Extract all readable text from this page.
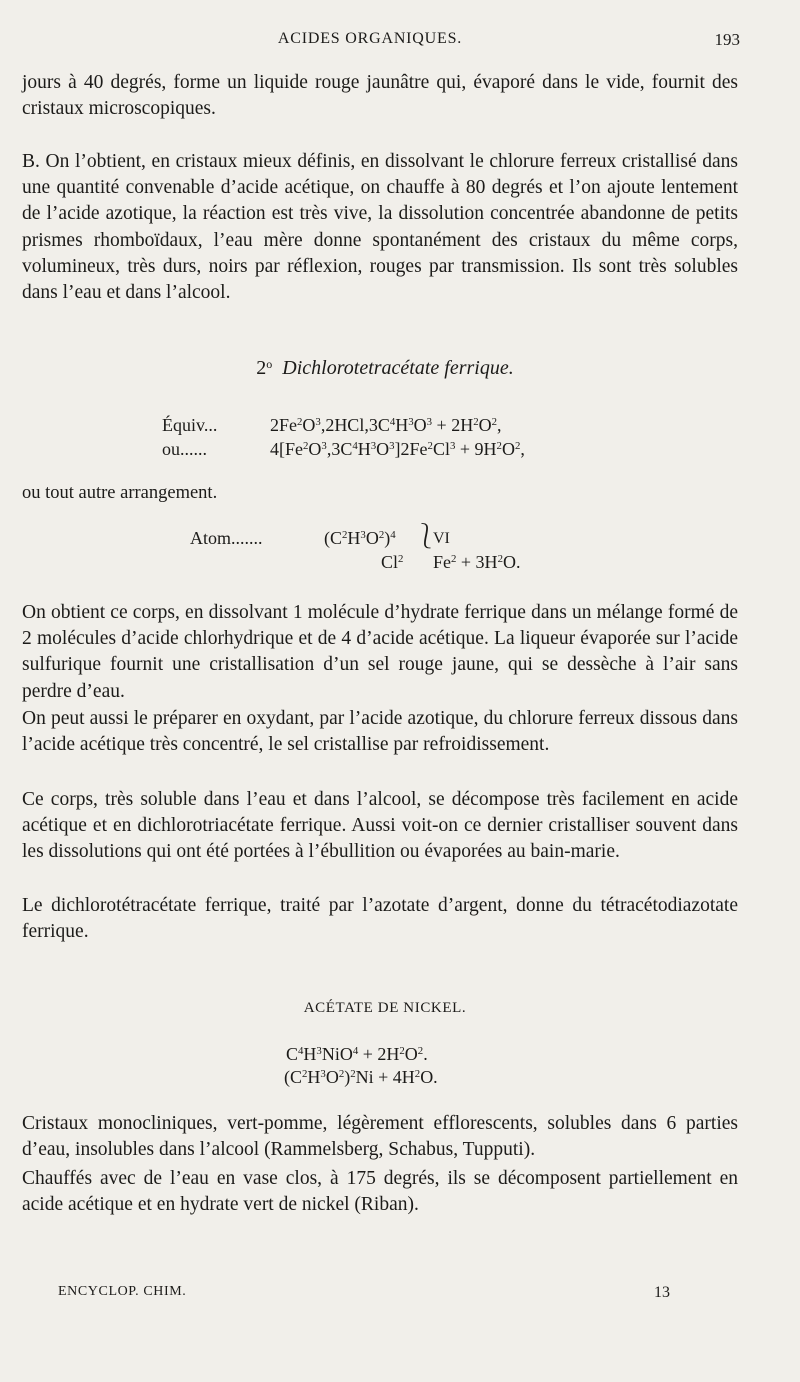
ACIDES ORGANIQUES.	193

jours à 40 degrés, forme un liquide rouge jaunâtre qui, évaporé dans le vide, fournit des cristaux microscopiques.

B. On l’obtient, en cristaux mieux définis, en dissolvant le chlorure ferreux cristallisé dans une quantité convenable d’acide acétique, on chauffe à 80 degrés et l’on ajoute lentement de l’acide azotique, la réaction est très vive, la dissolution concentrée abandonne de petits prismes rhomboïdaux, l’eau mère donne spontanément des cristaux du même corps, volumineux, très durs, noirs par réflexion, rouges par transmission. Ils sont très solubles dans l’eau et dans l’alcool.

2$^o$ Dichlorotetracétate ferrique.
Équiv...	$2Fe^2O^3,2HCl,3C^4H^3O^3 + 2H^2O^2$,
ou......	$4[Fe^2O^3,3C^4H^3O^3]2Fe^2Cl^3 + 9H^2O^2$,
ou tout autre arrangement.
Atom.......	$(C^2H^3O^2)^4$
Cl$^2$
⎱
VI
$Fe^2 + 3H^2O$.

On obtient ce corps, en dissolvant 1 molécule d’hydrate ferrique dans un mélange formé de 2 molécules d’acide chlorhydrique et de 4 d’acide acétique. La liqueur évaporée sur l’acide sulfurique fournit une cristallisation d’un sel rouge jaune, qui se dessèche à l’air sans perdre d’eau.

On peut aussi le préparer en oxydant, par l’acide azotique, du chlorure ferreux dissous dans l’acide acétique très concentré, le sel cristallise par refroidissement.

Ce corps, très soluble dans l’eau et dans l’alcool, se décompose très facilement en acide acétique et en dichlorotriacétate ferrique. Aussi voit-on ce dernier cristalliser souvent dans les dissolutions qui ont été portées à l’ébullition ou évaporées au bain-marie.

Le dichlorotétracétate ferrique, traité par l’azotate d’argent, donne du tétracétodiazotate ferrique.

ACÉTATE DE NICKEL.
$C^4H^3NiO^4 + 2H^2O^2$.
$(C^2H^3O^2)^2Ni + 4H^2O$.

Cristaux monocliniques, vert-pomme, légèrement efflorescents, solubles dans 6 parties d’eau, insolubles dans l’alcool (Rammelsberg, Schabus, Tupputi).

Chauffés avec de l’eau en vase clos, à 175 degrés, ils se décomposent partiellement en acide acétique et en hydrate vert de nickel (Riban).

ENCYCLOP. CHIM.	13
